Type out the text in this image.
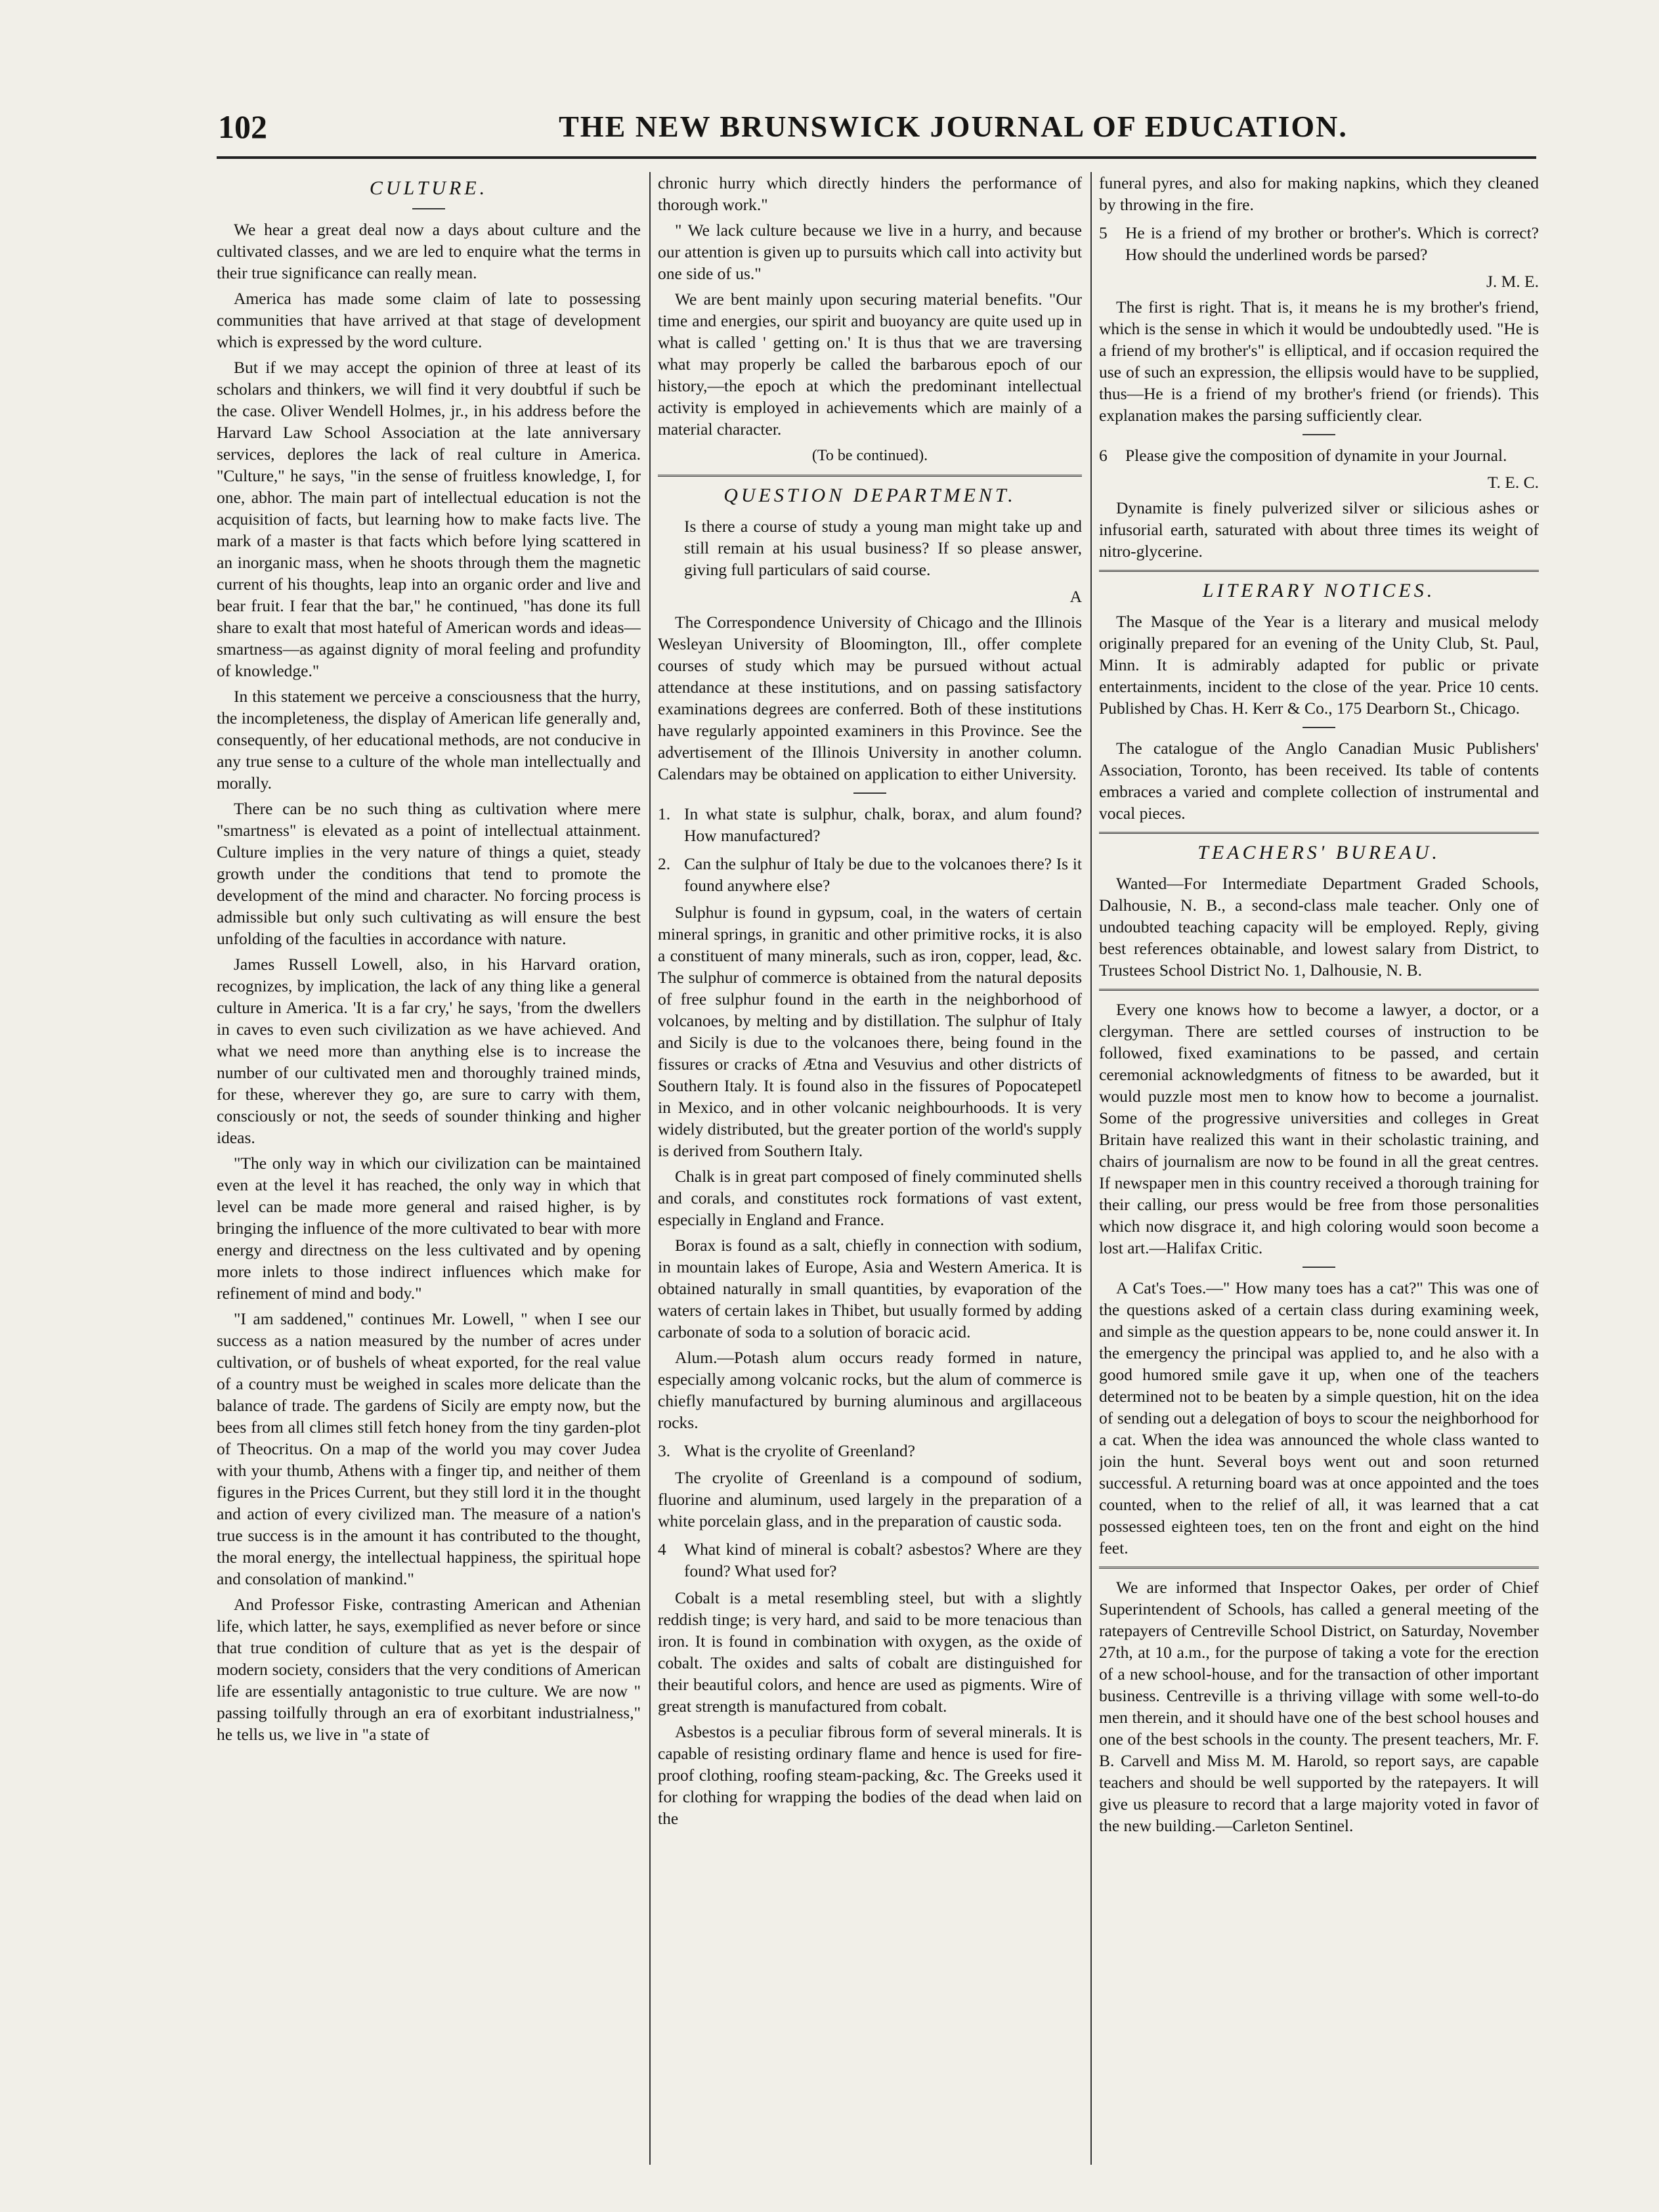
102	THE NEW BRUNSWICK JOURNAL OF EDUCATION.
CULTURE.

We hear a great deal now a days about culture and the cultivated classes, and we are led to enquire what the terms in their true significance can really mean.

America has made some claim of late to possessing communities that have arrived at that stage of development which is expressed by the word culture.

But if we may accept the opinion of three at least of its scholars and thinkers, we will find it very doubtful if such be the case. Oliver Wendell Holmes, jr., in his address before the Harvard Law School Association at the late anniversary services, deplores the lack of real culture in America. "Culture," he says, "in the sense of fruitless knowledge, I, for one, abhor. The main part of intellectual education is not the acquisition of facts, but learning how to make facts live. The mark of a master is that facts which before lying scattered in an inorganic mass, when he shoots through them the magnetic current of his thoughts, leap into an organic order and live and bear fruit. I fear that the bar," he continued, "has done its full share to exalt that most hateful of American words and ideas—smartness—as against dignity of moral feeling and profundity of knowledge."

In this statement we perceive a consciousness that the hurry, the incompleteness, the display of American life generally and, consequently, of her educational methods, are not conducive in any true sense to a culture of the whole man intellectually and morally.

There can be no such thing as cultivation where mere "smartness" is elevated as a point of intellectual attainment. Culture implies in the very nature of things a quiet, steady growth under the conditions that tend to promote the development of the mind and character. No forcing process is admissible but only such cultivating as will ensure the best unfolding of the faculties in accordance with nature.

James Russell Lowell, also, in his Harvard oration, recognizes, by implication, the lack of any thing like a general culture in America. 'It is a far cry,' he says, 'from the dwellers in caves to even such civilization as we have achieved. And what we need more than anything else is to increase the number of our cultivated men and thoroughly trained minds, for these, wherever they go, are sure to carry with them, consciously or not, the seeds of sounder thinking and higher ideas.

"The only way in which our civilization can be maintained even at the level it has reached, the only way in which that level can be made more general and raised higher, is by bringing the influence of the more cultivated to bear with more energy and directness on the less cultivated and by opening more inlets to those indirect influences which make for refinement of mind and body."

"I am saddened," continues Mr. Lowell, " when I see our success as a nation measured by the number of acres under cultivation, or of bushels of wheat exported, for the real value of a country must be weighed in scales more delicate than the balance of trade. The gardens of Sicily are empty now, but the bees from all climes still fetch honey from the tiny garden-plot of Theocritus. On a map of the world you may cover Judea with your thumb, Athens with a finger tip, and neither of them figures in the Prices Current, but they still lord it in the thought and action of every civilized man. The measure of a nation's true success is in the amount it has contributed to the thought, the moral energy, the intellectual happiness, the spiritual hope and consolation of mankind."

And Professor Fiske, contrasting American and Athenian life, which latter, he says, exemplified as never before or since that true condition of culture that as yet is the despair of modern society, considers that the very conditions of American life are essentially antagonistic to true culture. We are now " passing toilfully through an era of exorbitant industrialness," he tells us, we live in "a state of

chronic hurry which directly hinders the performance of thorough work."

" We lack culture because we live in a hurry, and because our attention is given up to pursuits which call into activity but one side of us."

We are bent mainly upon securing material benefits. "Our time and energies, our spirit and buoyancy are quite used up in what is called ' getting on.' It is thus that we are traversing what may properly be called the barbarous epoch of our history,—the epoch at which the predominant intellectual activity is employed in achievements which are mainly of a material character.

(To be continued).
QUESTION DEPARTMENT.

Is there a course of study a young man might take up and still remain at his usual business? If so please answer, giving full particulars of said course.

A

The Correspondence University of Chicago and the Illinois Wesleyan University of Bloomington, Ill., offer complete courses of study which may be pursued without actual attendance at these institutions, and on passing satisfactory examinations degrees are conferred. Both of these institutions have regularly appointed examiners in this Province. See the advertisement of the Illinois University in another column. Calendars may be obtained on application to either University.

1. In what state is sulphur, chalk, borax, and alum found? How manufactured?

2. Can the sulphur of Italy be due to the volcanoes there? Is it found anywhere else?

Sulphur is found in gypsum, coal, in the waters of certain mineral springs, in granitic and other primitive rocks, it is also a constituent of many minerals, such as iron, copper, lead, &c. The sulphur of commerce is obtained from the natural deposits of free sulphur found in the earth in the neighborhood of volcanoes, by melting and by distillation. The sulphur of Italy and Sicily is due to the volcanoes there, being found in the fissures or cracks of Ætna and Vesuvius and other districts of Southern Italy. It is found also in the fissures of Popocatepetl in Mexico, and in other volcanic neighbourhoods. It is very widely distributed, but the greater portion of the world's supply is derived from Southern Italy.

Chalk is in great part composed of finely comminuted shells and corals, and constitutes rock formations of vast extent, especially in England and France.

Borax is found as a salt, chiefly in connection with sodium, in mountain lakes of Europe, Asia and Western America. It is obtained naturally in small quantities, by evaporation of the waters of certain lakes in Thibet, but usually formed by adding carbonate of soda to a solution of boracic acid.

Alum.—Potash alum occurs ready formed in nature, especially among volcanic rocks, but the alum of commerce is chiefly manufactured by burning aluminous and argillaceous rocks.

3. What is the cryolite of Greenland?

The cryolite of Greenland is a compound of sodium, fluorine and aluminum, used largely in the preparation of a white porcelain glass, and in the preparation of caustic soda.

4 What kind of mineral is cobalt? asbestos? Where are they found? What used for?

Cobalt is a metal resembling steel, but with a slightly reddish tinge; is very hard, and said to be more tenacious than iron. It is found in combination with oxygen, as the oxide of cobalt. The oxides and salts of cobalt are distinguished for their beautiful colors, and hence are used as pigments. Wire of great strength is manufactured from cobalt.

Asbestos is a peculiar fibrous form of several minerals. It is capable of resisting ordinary flame and hence is used for fire-proof clothing, roofing steam-packing, &c. The Greeks used it for clothing for wrapping the bodies of the dead when laid on the

funeral pyres, and also for making napkins, which they cleaned by throwing in the fire.

5 He is a friend of my brother or brother's. Which is correct? How should the underlined words be parsed?

J. M. E.

The first is right. That is, it means he is my brother's friend, which is the sense in which it would be undoubtedly used. "He is a friend of my brother's" is elliptical, and if occasion required the use of such an expression, the ellipsis would have to be supplied, thus—He is a friend of my brother's friend (or friends). This explanation makes the parsing sufficiently clear.

6 Please give the composition of dynamite in your Journal.

T. E. C.

Dynamite is finely pulverized silver or silicious ashes or infusorial earth, saturated with about three times its weight of nitro-glycerine.

LITERARY NOTICES.

The Masque of the Year is a literary and musical melody originally prepared for an evening of the Unity Club, St. Paul, Minn. It is admirably adapted for public or private entertainments, incident to the close of the year. Price 10 cents. Published by Chas. H. Kerr & Co., 175 Dearborn St., Chicago.

The catalogue of the Anglo Canadian Music Publishers' Association, Toronto, has been received. Its table of contents embraces a varied and complete collection of instrumental and vocal pieces.

TEACHERS' BUREAU.

Wanted—For Intermediate Department Graded Schools, Dalhousie, N. B., a second-class male teacher. Only one of undoubted teaching capacity will be employed. Reply, giving best references obtainable, and lowest salary from District, to Trustees School District No. 1, Dalhousie, N. B.

Every one knows how to become a lawyer, a doctor, or a clergyman. There are settled courses of instruction to be followed, fixed examinations to be passed, and certain ceremonial acknowledgments of fitness to be awarded, but it would puzzle most men to know how to become a journalist. Some of the progressive universities and colleges in Great Britain have realized this want in their scholastic training, and chairs of journalism are now to be found in all the great centres. If newspaper men in this country received a thorough training for their calling, our press would be free from those personalities which now disgrace it, and high coloring would soon become a lost art.—Halifax Critic.

A Cat's Toes.—" How many toes has a cat?" This was one of the questions asked of a certain class during examining week, and simple as the question appears to be, none could answer it. In the emergency the principal was applied to, and he also with a good humored smile gave it up, when one of the teachers determined not to be beaten by a simple question, hit on the idea of sending out a delegation of boys to scour the neighborhood for a cat. When the idea was announced the whole class wanted to join the hunt. Several boys went out and soon returned successful. A returning board was at once appointed and the toes counted, when to the relief of all, it was learned that a cat possessed eighteen toes, ten on the front and eight on the hind feet.

We are informed that Inspector Oakes, per order of Chief Superintendent of Schools, has called a general meeting of the ratepayers of Centreville School District, on Saturday, November 27th, at 10 a.m., for the purpose of taking a vote for the erection of a new school-house, and for the transaction of other important business. Centreville is a thriving village with some well-to-do men therein, and it should have one of the best school houses and one of the best schools in the county. The present teachers, Mr. F. B. Carvell and Miss M. M. Harold, so report says, are capable teachers and should be well supported by the ratepayers. It will give us pleasure to record that a large majority voted in favor of the new building.—Carleton Sentinel.
